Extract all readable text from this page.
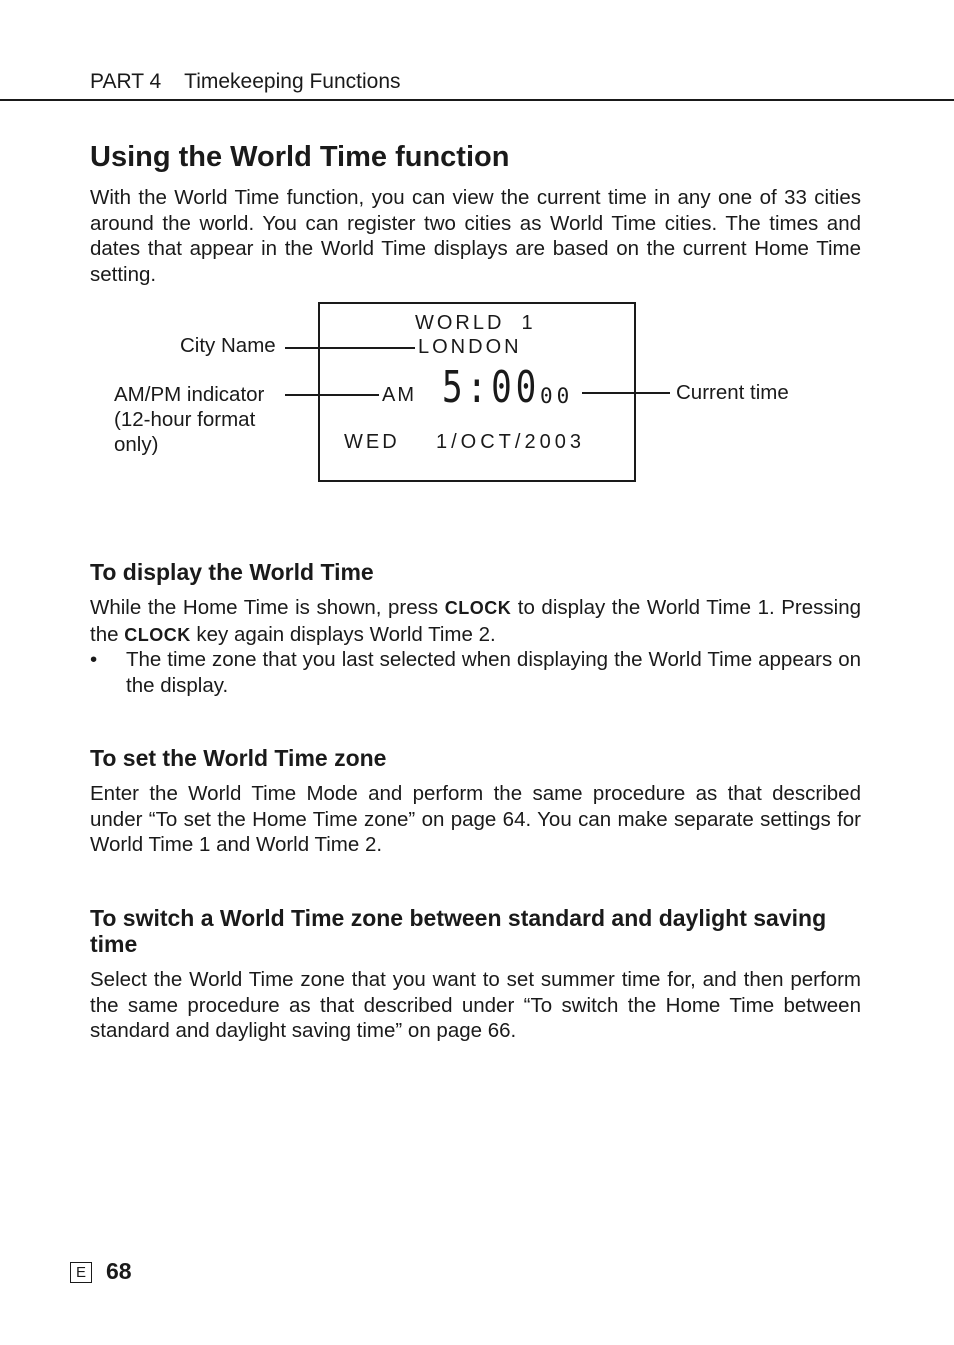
PART 4 Timekeeping Functions
Using the World Time function

With the World Time function, you can view the current time in any one of 33 cities around the world. You can register two cities as World Time cities. The times and dates that appear in the World Time displays are based on the current Home Time setting.

WORLD  1
LONDON
AM 5:00 00
WED 1/OCT/2003
City Name
AM/PM indicator
(12-hour format
only)
Current time
To display the World Time

While the Home Time is shown, press CLOCK to display the World Time 1. Pressing the CLOCK key again displays World Time 2.

• The time zone that you last selected when displaying the World Time appears on the display.
To set the World Time zone

Enter the World Time Mode and perform the same procedure as that described under “To set the Home Time zone” on page 64. You can make separate settings for World Time 1 and World Time 2.

To switch a World Time zone between standard and daylight saving time

Select the World Time zone that you want to set summer time for, and then perform the same procedure as that described under “To switch the Home Time between standard and daylight saving time” on page 66.

E 68
